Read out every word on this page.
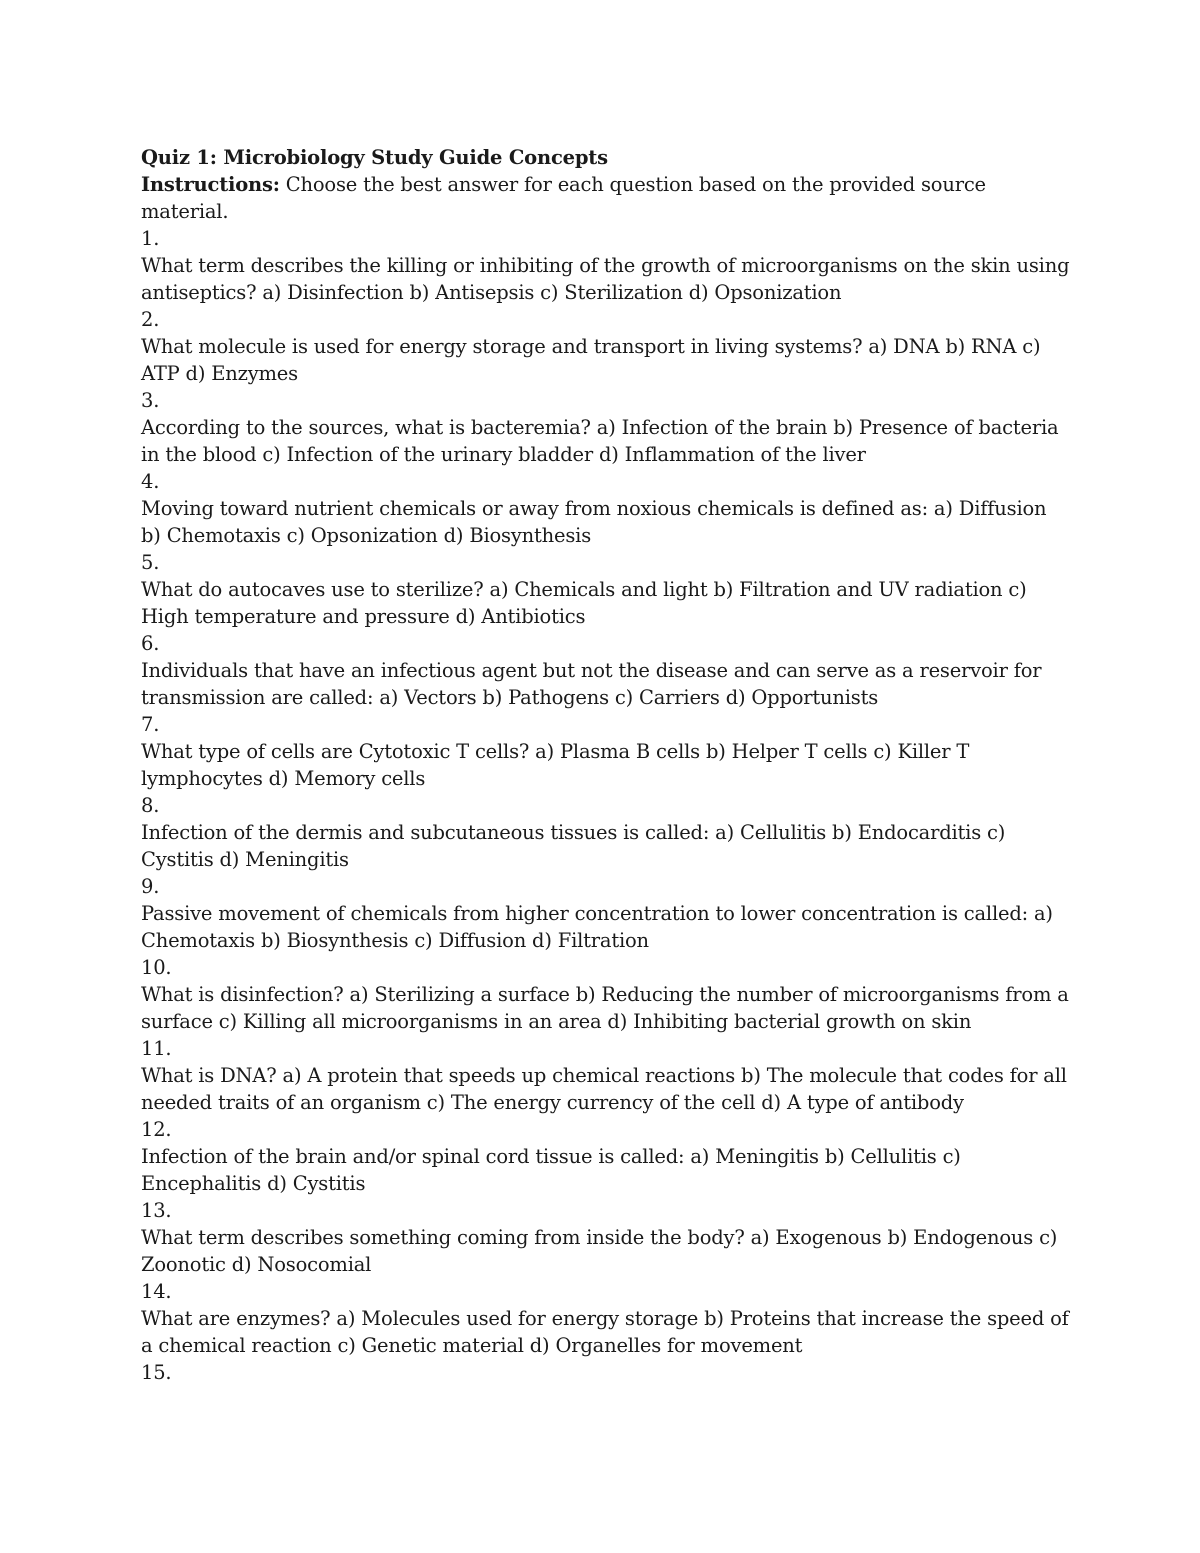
Quiz 1: Microbiology Study Guide Concepts

Instructions: Choose the best answer for each question based on the provided source material.

1.

What term describes the killing or inhibiting of the growth of microorganisms on the skin using antiseptics? a) Disinfection b) Antisepsis c) Sterilization d) Opsonization

2.

What molecule is used for energy storage and transport in living systems? a) DNA b) RNA c) ATP d) Enzymes

3.

According to the sources, what is bacteremia? a) Infection of the brain b) Presence of bacteria in the blood c) Infection of the urinary bladder d) Inflammation of the liver

4.

Moving toward nutrient chemicals or away from noxious chemicals is defined as: a) Diffusion b) Chemotaxis c) Opsonization d) Biosynthesis

5.

What do autocaves use to sterilize? a) Chemicals and light b) Filtration and UV radiation c) High temperature and pressure d) Antibiotics

6.

Individuals that have an infectious agent but not the disease and can serve as a reservoir for transmission are called: a) Vectors b) Pathogens c) Carriers d) Opportunists

7.

What type of cells are Cytotoxic T cells? a) Plasma B cells b) Helper T cells c) Killer T lymphocytes d) Memory cells

8.

Infection of the dermis and subcutaneous tissues is called: a) Cellulitis b) Endocarditis c) Cystitis d) Meningitis

9.

Passive movement of chemicals from higher concentration to lower concentration is called: a) Chemotaxis b) Biosynthesis c) Diffusion d) Filtration

10.

What is disinfection? a) Sterilizing a surface b) Reducing the number of microorganisms from a surface c) Killing all microorganisms in an area d) Inhibiting bacterial growth on skin

11.

What is DNA? a) A protein that speeds up chemical reactions b) The molecule that codes for all needed traits of an organism c) The energy currency of the cell d) A type of antibody

12.

Infection of the brain and/or spinal cord tissue is called: a) Meningitis b) Cellulitis c) Encephalitis d) Cystitis

13.

What term describes something coming from inside the body? a) Exogenous b) Endogenous c) Zoonotic d) Nosocomial

14.

What are enzymes? a) Molecules used for energy storage b) Proteins that increase the speed of a chemical reaction c) Genetic material d) Organelles for movement

15.
